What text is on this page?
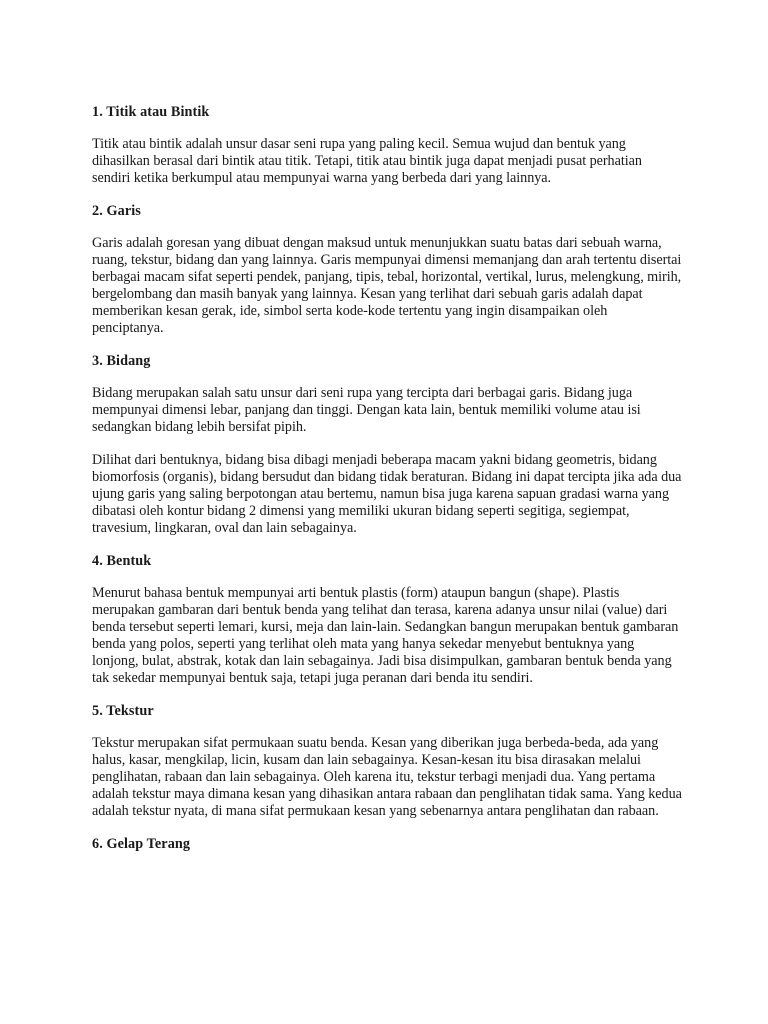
1. Titik atau Bintik

Titik atau bintik adalah unsur dasar seni rupa yang paling kecil. Semua wujud dan bentuk yang dihasilkan berasal dari bintik atau titik. Tetapi, titik atau bintik juga dapat menjadi pusat perhatian sendiri ketika berkumpul atau mempunyai warna yang berbeda dari yang lainnya.

2. Garis

Garis adalah goresan yang dibuat dengan maksud untuk menunjukkan suatu batas dari sebuah warna, ruang, tekstur, bidang dan yang lainnya. Garis mempunyai dimensi memanjang dan arah tertentu disertai berbagai macam sifat seperti pendek, panjang, tipis, tebal, horizontal, vertikal, lurus, melengkung, mirih, bergelombang dan masih banyak yang lainnya. Kesan yang terlihat dari sebuah garis adalah dapat memberikan kesan gerak, ide, simbol serta kode-kode tertentu yang ingin disampaikan oleh penciptanya.

3. Bidang

Bidang merupakan salah satu unsur dari seni rupa yang tercipta dari berbagai garis. Bidang juga mempunyai dimensi lebar, panjang dan tinggi. Dengan kata lain, bentuk memiliki volume atau isi sedangkan bidang lebih bersifat pipih.

Dilihat dari bentuknya, bidang bisa dibagi menjadi beberapa macam yakni bidang geometris, bidang biomorfosis (organis), bidang bersudut dan bidang tidak beraturan. Bidang ini dapat tercipta jika ada dua ujung garis yang saling berpotongan atau bertemu, namun bisa juga karena sapuan gradasi warna yang dibatasi oleh kontur bidang 2 dimensi yang memiliki ukuran bidang seperti segitiga, segiempat, travesium, lingkaran, oval dan lain sebagainya.

4. Bentuk

Menurut bahasa bentuk mempunyai arti bentuk plastis (form) ataupun bangun (shape). Plastis merupakan gambaran dari bentuk benda yang telihat dan terasa, karena adanya unsur nilai (value) dari benda tersebut seperti lemari, kursi, meja dan lain-lain. Sedangkan bangun merupakan bentuk gambaran benda yang polos, seperti yang terlihat oleh mata yang hanya sekedar menyebut bentuknya yang lonjong, bulat, abstrak, kotak dan lain sebagainya. Jadi bisa disimpulkan, gambaran bentuk benda yang tak sekedar mempunyai bentuk saja, tetapi juga peranan dari benda itu sendiri.

5. Tekstur

Tekstur merupakan sifat permukaan suatu benda. Kesan yang diberikan juga berbeda-beda, ada yang halus, kasar, mengkilap, licin, kusam dan lain sebagainya. Kesan-kesan itu bisa dirasakan melalui penglihatan, rabaan dan lain sebagainya. Oleh karena itu, tekstur terbagi menjadi dua. Yang pertama adalah tekstur maya dimana kesan yang dihasikan antara rabaan dan penglihatan tidak sama. Yang kedua adalah tekstur nyata, di mana sifat permukaan kesan yang sebenarnya antara penglihatan dan rabaan.

6. Gelap Terang
